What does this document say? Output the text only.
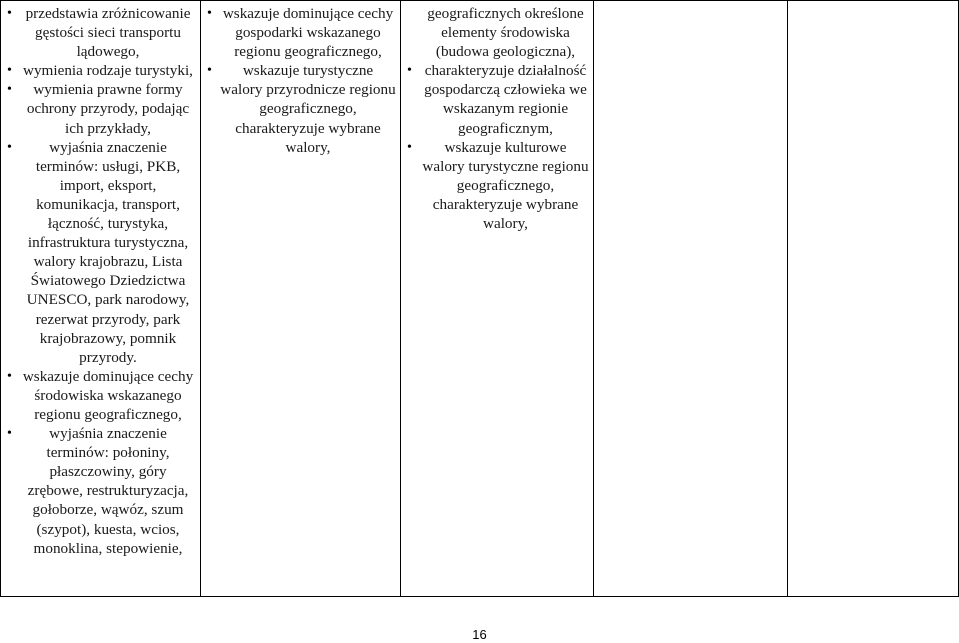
• przedstawia zróżnicowanie gęstości sieci transportu lądowego,
• wymienia rodzaje turystyki,
• wymienia prawne formy ochrony przyrody, podając ich przykłady,
• wyjaśnia znaczenie terminów: usługi, PKB, import, eksport, komunikacja, transport, łączność, turystyka, infrastruktura turystyczna, walory krajobrazu, Lista Światowego Dziedzictwa UNESCO, park narodowy, rezerwat przyrody, park krajobrazowy, pomnik przyrody.
• wskazuje dominujące cechy środowiska wskazanego regionu geograficznego,
• wyjaśnia znaczenie terminów: połoniny, płaszczowiny, góry zrębowe, restrukturyzacja, gołoborze, wąwóz, szum (szypot), kuesta, wcios, monoklina, stepowienie,

• wskazuje dominujące cechy gospodarki wskazanego regionu geograficznego,
• wskazuje turystyczne walory przyrodnicze regionu geograficznego, charakteryzuje wybrane walory,

geograficznych określone elementy środowiska (budowa geologiczna),
• charakteryzuje działalność gospodarczą człowieka we wskazanym regionie geograficznym,
• wskazuje kulturowe walory turystyczne regionu geograficznego, charakteryzuje wybrane walory,

16
